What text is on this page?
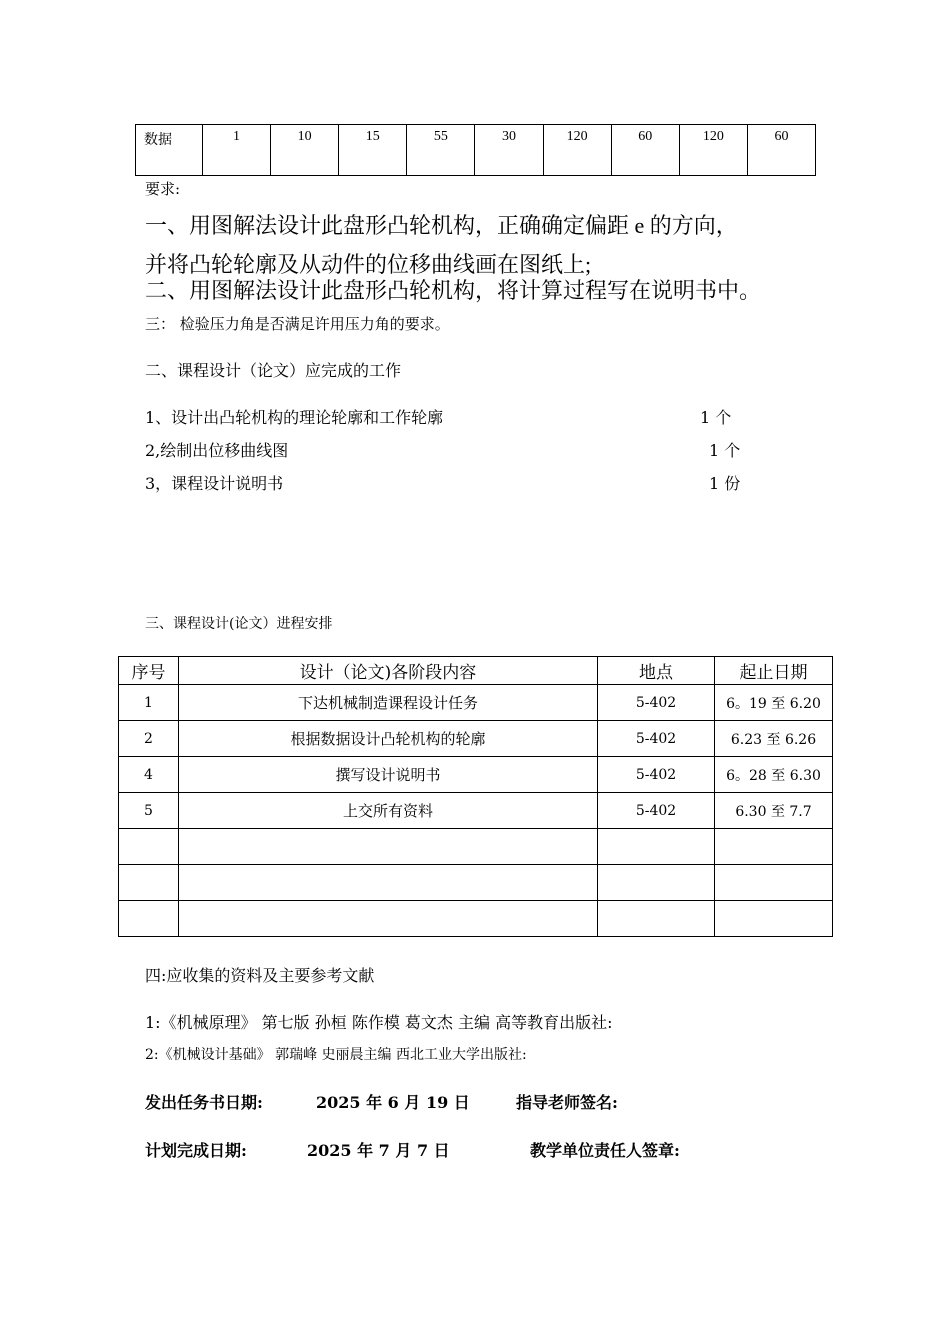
数据	1	10	15	55	30	120	60	120	60
要求:
一、用图解法设计此盘形凸轮机构，正确确定偏距 e 的方向，
并将凸轮轮廓及从动件的位移曲线画在图纸上;
二、用图解法设计此盘形凸轮机构，将计算过程写在说明书中。
三： 检验压力角是否满足许用压力角的要求。
二、课程设计（论文）应完成的工作
1、设计出凸轮机构的理论轮廓和工作轮廓	1 个
2,绘制出位移曲线图	1 个
3，课程设计说明书	1 份
三、课程设计(论文）进程安排
序号	设计（论文)各阶段内容	地点	起止日期
1	下达机械制造课程设计任务	5-402	6。19 至 6.20
2	根据数据设计凸轮机构的轮廓	5-402	6.23 至 6.26
4	撰写设计说明书	5-402	6。28 至 6.30
5	上交所有资料	5-402	6.30 至 7.7

四:应收集的资料及主要参考文献
1:《机械原理》 第七版 孙桓 陈作模 葛文杰 主编 高等教育出版社:
2:《机械设计基础》 郭瑞峰 史丽晨主编 西北工业大学出版社:
发出任务书日期:	2025 年 6 月 19 日	指导老师签名:
计划完成日期:	2025 年 7 月 7 日	教学单位责任人签章:
